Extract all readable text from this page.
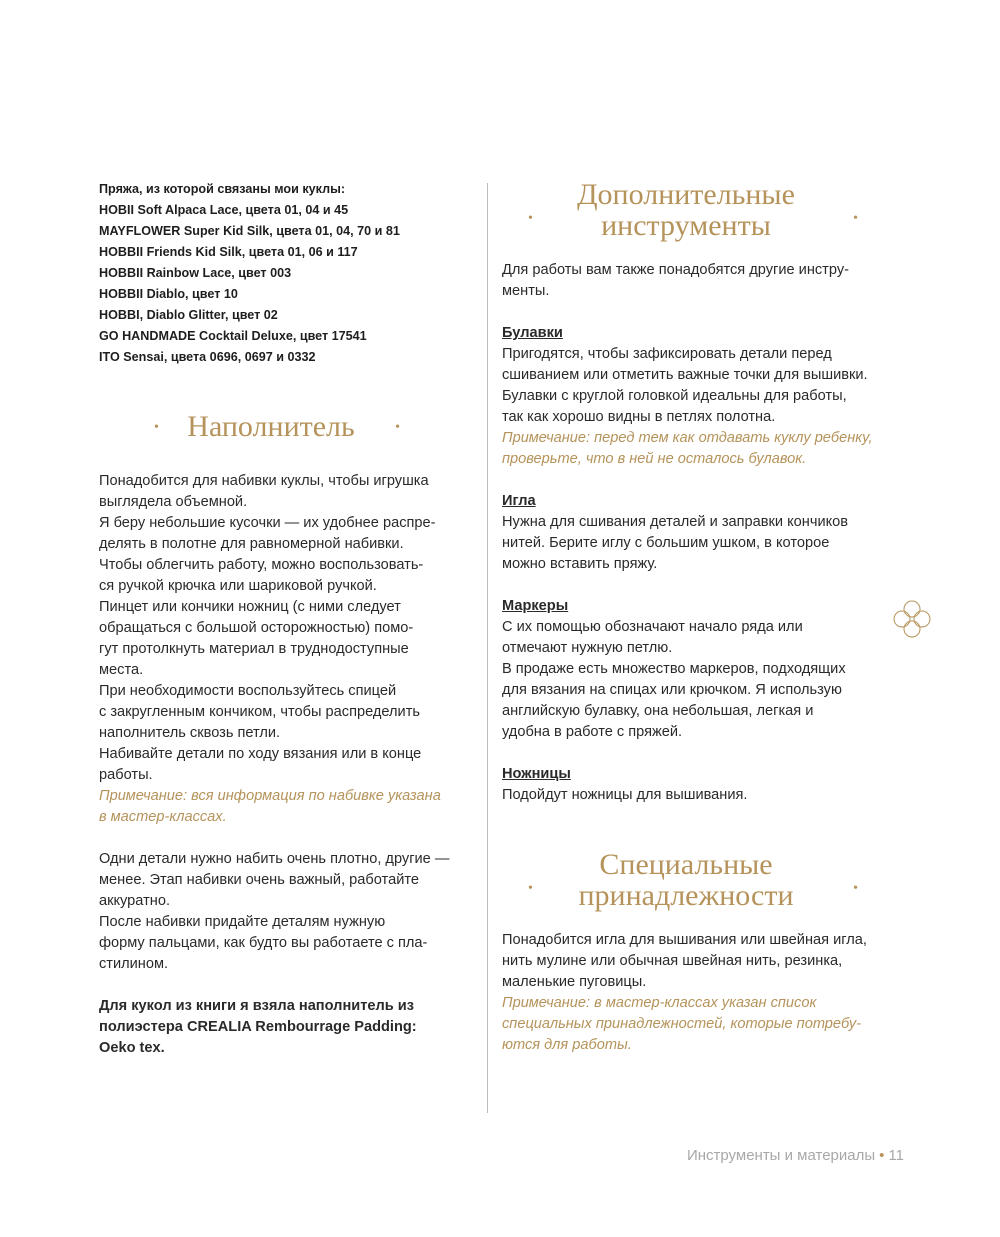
Пряжа, из которой связаны мои куклы:
HOBII Soft Alpaca Lace, цвета 01, 04 и 45
MAYFLOWER Super Kid Silk, цвета 01, 04, 70 и 81
HOBBII Friends Kid Silk, цвета 01, 06 и 117
HOBBII Rainbow Lace, цвет 003
HOBBII Diablo, цвет 10
HOBBI, Diablo Glitter, цвет 02
GO HANDMADE Cocktail Deluxe, цвет 17541
ITO Sensai, цвета 0696, 0697 и 0332
• Наполнитель	•
Понадобится для набивки куклы, чтобы игрушка
выглядела объемной.
Я беру небольшие кусочки — их удобнее распре-
делять в полотне для равномерной набивки.
Чтобы облегчить работу, можно воспользовать-
ся ручкой крючка или шариковой ручкой.
Пинцет или кончики ножниц (с ними следует
обращаться с большой осторожностью) помо-
гут протолкнуть материал в труднодоступные
места.
При необходимости воспользуйтесь спицей
с закругленным кончиком, чтобы распределить
наполнитель сквозь петли.
Набивайте детали по ходу вязания или в конце
работы.
Примечание: вся информация по набивке указана
в мастер-классах.
Одни детали нужно набить очень плотно, другие —
менее. Этап набивки очень важный, работайте
аккуратно.
После набивки придайте деталям нужную
форму пальцами, как будто вы работаете с пла-
стилином.
Для кукол из книги я взяла наполнитель из
полиэстера CREALIA Rembourrage Padding:
Oeko tex.
•
Дополнительные
инструменты	•
Для работы вам также понадобятся другие инстру-
менты.
Булавки
Пригодятся, чтобы зафиксировать детали перед
сшиванием или отметить важные точки для вышивки.
Булавки с круглой головкой идеальны для работы,
так как хорошо видны в петлях полотна.
Примечание: перед тем как отдавать куклу ребенку,
проверьте, что в ней не осталось булавок.
Игла
Нужна для сшивания деталей и заправки кончиков
нитей. Берите иглу с большим ушком, в которое
можно вставить пряжу.
Маркеры
С их помощью обозначают начало ряда или
отмечают нужную петлю.
В продаже есть множество маркеров, подходящих
для вязания на спицах или крючком. Я использую
английскую булавку, она небольшая, легкая и
удобна в работе с пряжей.
Ножницы
Подойдут ножницы для вышивания.
•
Специальные
принадлежности	•
Понадобится игла для вышивания или швейная игла,
нить мулине или обычная швейная нить, резинка,
маленькие пуговицы.
Примечание: в мастер-классах указан список
специальных принадлежностей, которые потребу-
ются для работы.
Инструменты и материалы • 11
